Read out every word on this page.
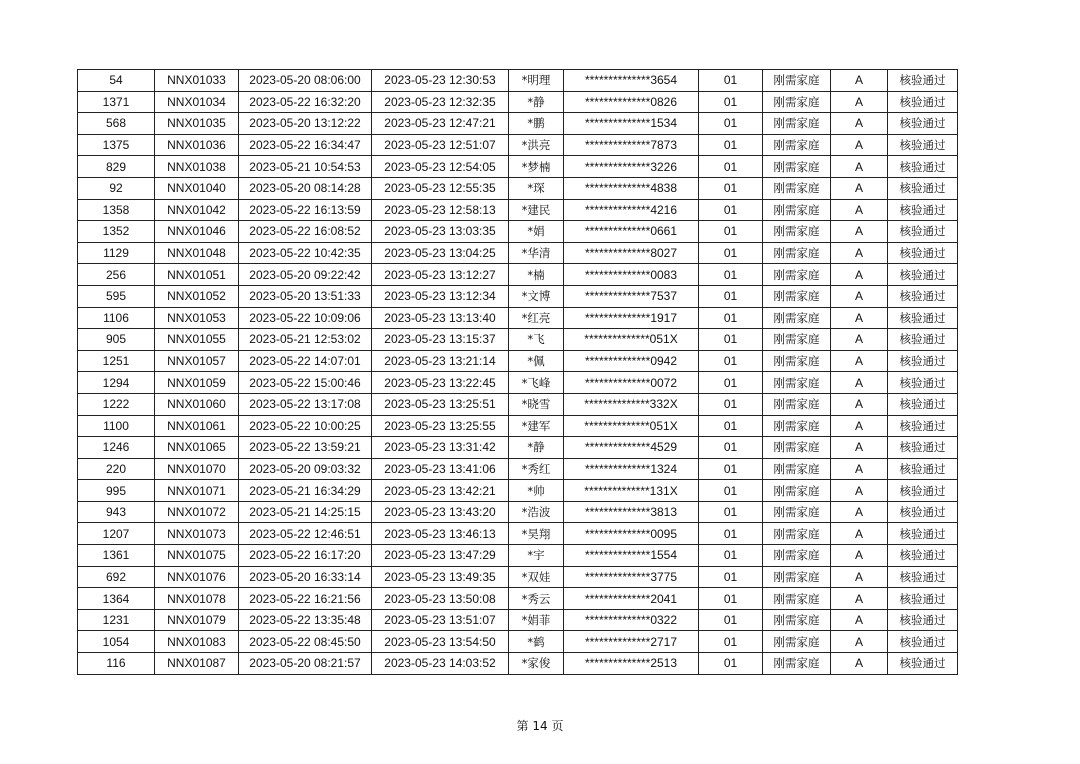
54	NNX01033	2023-05-20 08:06:00	2023-05-23 12:30:53	*明理	**************3654	01	刚需家庭	A	核验通过
1371	NNX01034	2023-05-22 16:32:20	2023-05-23 12:32:35	*静	**************0826	01	刚需家庭	A	核验通过
568	NNX01035	2023-05-20 13:12:22	2023-05-23 12:47:21	*鹏	**************1534	01	刚需家庭	A	核验通过
1375	NNX01036	2023-05-22 16:34:47	2023-05-23 12:51:07	*洪亮	**************7873	01	刚需家庭	A	核验通过
829	NNX01038	2023-05-21 10:54:53	2023-05-23 12:54:05	*梦楠	**************3226	01	刚需家庭	A	核验通过
92	NNX01040	2023-05-20 08:14:28	2023-05-23 12:55:35	*琛	**************4838	01	刚需家庭	A	核验通过
1358	NNX01042	2023-05-22 16:13:59	2023-05-23 12:58:13	*建民	**************4216	01	刚需家庭	A	核验通过
1352	NNX01046	2023-05-22 16:08:52	2023-05-23 13:03:35	*娟	**************0661	01	刚需家庭	A	核验通过
1129	NNX01048	2023-05-22 10:42:35	2023-05-23 13:04:25	*华清	**************8027	01	刚需家庭	A	核验通过
256	NNX01051	2023-05-20 09:22:42	2023-05-23 13:12:27	*楠	**************0083	01	刚需家庭	A	核验通过
595	NNX01052	2023-05-20 13:51:33	2023-05-23 13:12:34	*文博	**************7537	01	刚需家庭	A	核验通过
1106	NNX01053	2023-05-22 10:09:06	2023-05-23 13:13:40	*红亮	**************1917	01	刚需家庭	A	核验通过
905	NNX01055	2023-05-21 12:53:02	2023-05-23 13:15:37	*飞	**************051X	01	刚需家庭	A	核验通过
1251	NNX01057	2023-05-22 14:07:01	2023-05-23 13:21:14	*佩	**************0942	01	刚需家庭	A	核验通过
1294	NNX01059	2023-05-22 15:00:46	2023-05-23 13:22:45	*飞峰	**************0072	01	刚需家庭	A	核验通过
1222	NNX01060	2023-05-22 13:17:08	2023-05-23 13:25:51	*晓雪	**************332X	01	刚需家庭	A	核验通过
1100	NNX01061	2023-05-22 10:00:25	2023-05-23 13:25:55	*建军	**************051X	01	刚需家庭	A	核验通过
1246	NNX01065	2023-05-22 13:59:21	2023-05-23 13:31:42	*静	**************4529	01	刚需家庭	A	核验通过
220	NNX01070	2023-05-20 09:03:32	2023-05-23 13:41:06	*秀红	**************1324	01	刚需家庭	A	核验通过
995	NNX01071	2023-05-21 16:34:29	2023-05-23 13:42:21	*帅	**************131X	01	刚需家庭	A	核验通过
943	NNX01072	2023-05-21 14:25:15	2023-05-23 13:43:20	*浩波	**************3813	01	刚需家庭	A	核验通过
1207	NNX01073	2023-05-22 12:46:51	2023-05-23 13:46:13	*昊翔	**************0095	01	刚需家庭	A	核验通过
1361	NNX01075	2023-05-22 16:17:20	2023-05-23 13:47:29	*宇	**************1554	01	刚需家庭	A	核验通过
692	NNX01076	2023-05-20 16:33:14	2023-05-23 13:49:35	*双娃	**************3775	01	刚需家庭	A	核验通过
1364	NNX01078	2023-05-22 16:21:56	2023-05-23 13:50:08	*秀云	**************2041	01	刚需家庭	A	核验通过
1231	NNX01079	2023-05-22 13:35:48	2023-05-23 13:51:07	*娟菲	**************0322	01	刚需家庭	A	核验通过
1054	NNX01083	2023-05-22 08:45:50	2023-05-23 13:54:50	*鹤	**************2717	01	刚需家庭	A	核验通过
116	NNX01087	2023-05-20 08:21:57	2023-05-23 14:03:52	*家俊	**************2513	01	刚需家庭	A	核验通过
第 14 页
